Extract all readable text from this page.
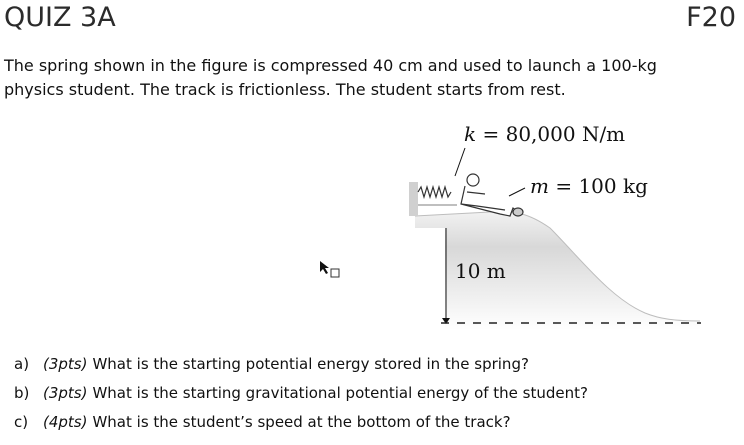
QUIZ 3A	F20
The spring shown in the figure is compressed 40 cm and used to launch a 100-kg
physics student. The track is frictionless. The student starts from rest.
k = 80,000 N/m
m = 100 kg
10 m
a) (3pts) What is the starting potential energy stored in the spring?
b) (3pts) What is the starting gravitational potential energy of the student?
c) (4pts) What is the student’s speed at the bottom of the track?
